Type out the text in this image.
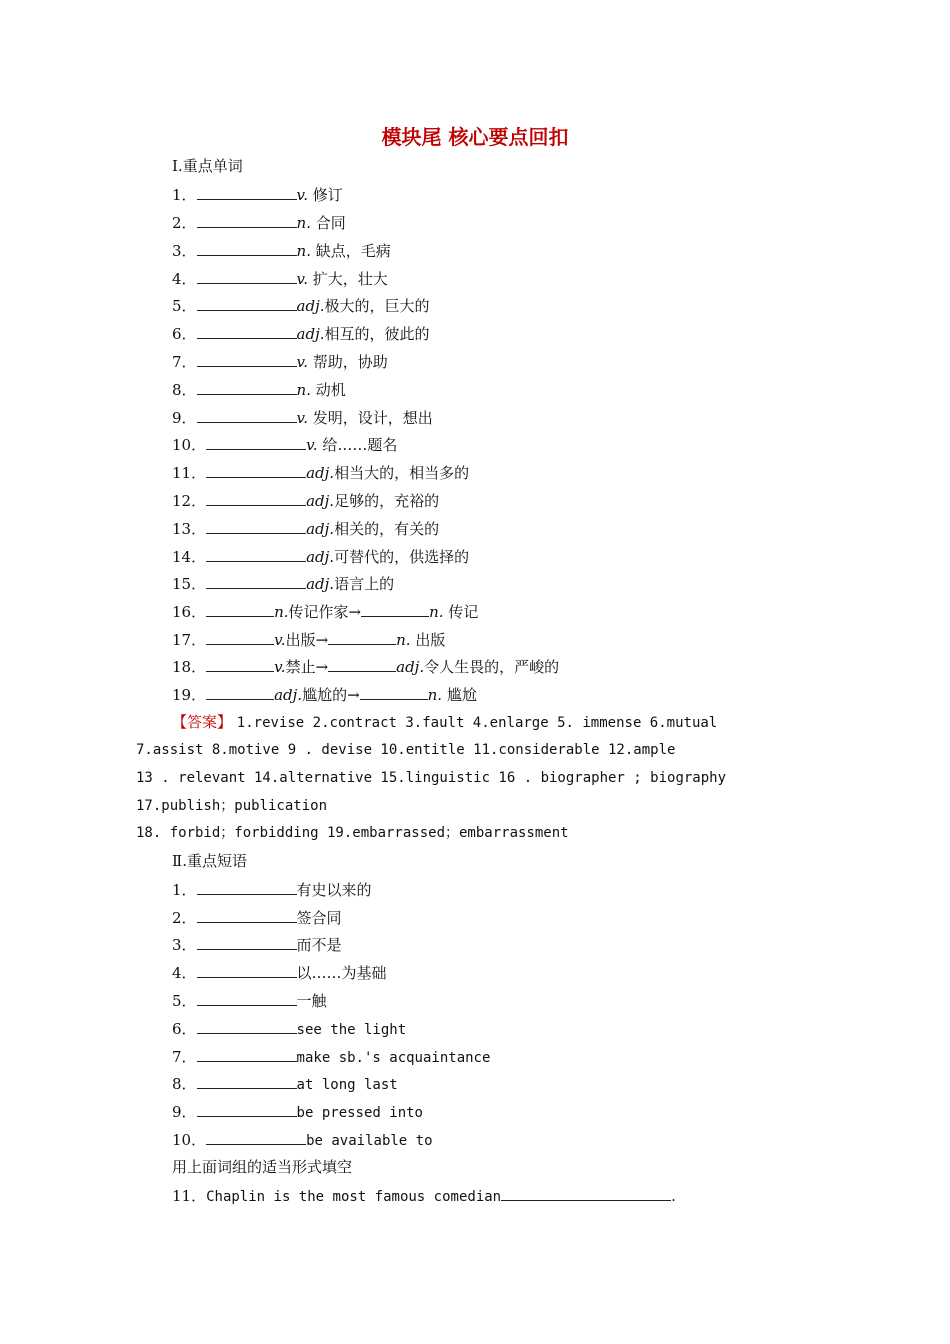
模块尾 核心要点回扣
Ⅰ.重点单词
1．	v. 修订
2．	n. 合同
3．	n. 缺点，毛病
4．	v. 扩大，壮大
5．	adj.极大的，巨大的
6．	adj.相互的，彼此的
7．	v. 帮助，协助
8．	n. 动机
9．	v. 发明，设计，想出
10．	v. 给……题名
11．	adj.相当大的，相当多的
12．	adj.足够的，充裕的
13．	adj.相关的，有关的
14．	adj.可替代的，供选择的
15．	adj.语言上的
16．	n.传记作家→	n. 传记
17．	v.出版→	n. 出版
18．	v.禁止→	adj.令人生畏的，严峻的
19．	adj.尴尬的→	n. 尴尬
【答案】 1.revise 2.contract 3.fault 4.enlarge 5. immense 6.mutual
7.assist 8.motive 9 . devise 10.entitle 11.considerable 12.ample
13 . relevant 14.alternative 15.linguistic 16 . biographer ; biography
17.publish；publication
18. forbid；forbidding 19.embarrassed；embarrassment
Ⅱ.重点短语
1．	有史以来的
2．	签合同
3．	而不是
4．	以……为基础
5．	一触
6．	see the light
7．	make sb.'s acquaintance
8．	at long last
9．	be pressed into
10．	be available to
用上面词组的适当形式填空
11．Chaplin is the most famous comedian	.
